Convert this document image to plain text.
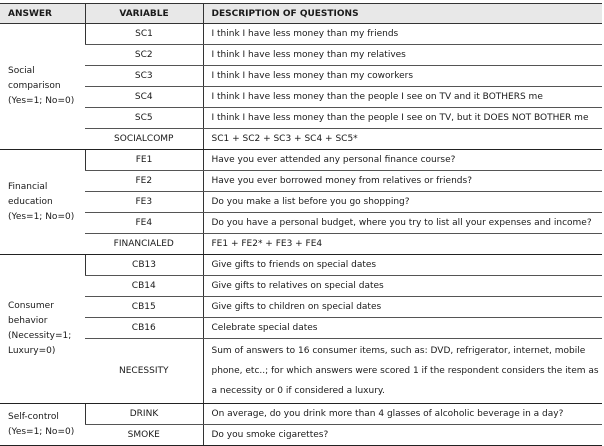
ANSWER	VARIABLE	DESCRIPTION OF QUESTIONS

Social
comparison
(Yes=1; No=0)	SC1	I think I have less money than my friends
	SC2	I think I have less money than my relatives
	SC3	I think I have less money than my coworkers
	SC4	I think I have less money than the people I see on TV and it BOTHERS me
	SC5	I think I have less money than the people I see on TV, but it DOES NOT BOTHER me
	SOCIALCOMP	SC1 + SC2 + SC3 + SC4 + SC5*

Financial
education
(Yes=1; No=0)	FE1	Have you ever attended any personal finance course?
	FE2	Have you ever borrowed money from relatives or friends?
	FE3	Do you make a list before you go shopping?
	FE4	Do you have a personal budget, where you try to list all your expenses and income?
	FINANCIALED	FE1 + FE2* + FE3 + FE4

Consumer
behavior
(Necessity=1;
Luxury=0)	CB13	Give gifts to friends on special dates
	CB14	Give gifts to relatives on special dates
	CB15	Give gifts to children on special dates
	CB16	Celebrate special dates
	NECESSITY	Sum of answers to 16 consumer items, such as: DVD, refrigerator, internet, mobile phone, etc..; for which answers were scored 1 if the respondent considers the item as a necessity or 0 if considered a luxury.

Self-control
(Yes=1; No=0)	DRINK	On average, do you drink more than 4 glasses of alcoholic beverage in a day?
	SMOKE	Do you smoke cigarettes?
